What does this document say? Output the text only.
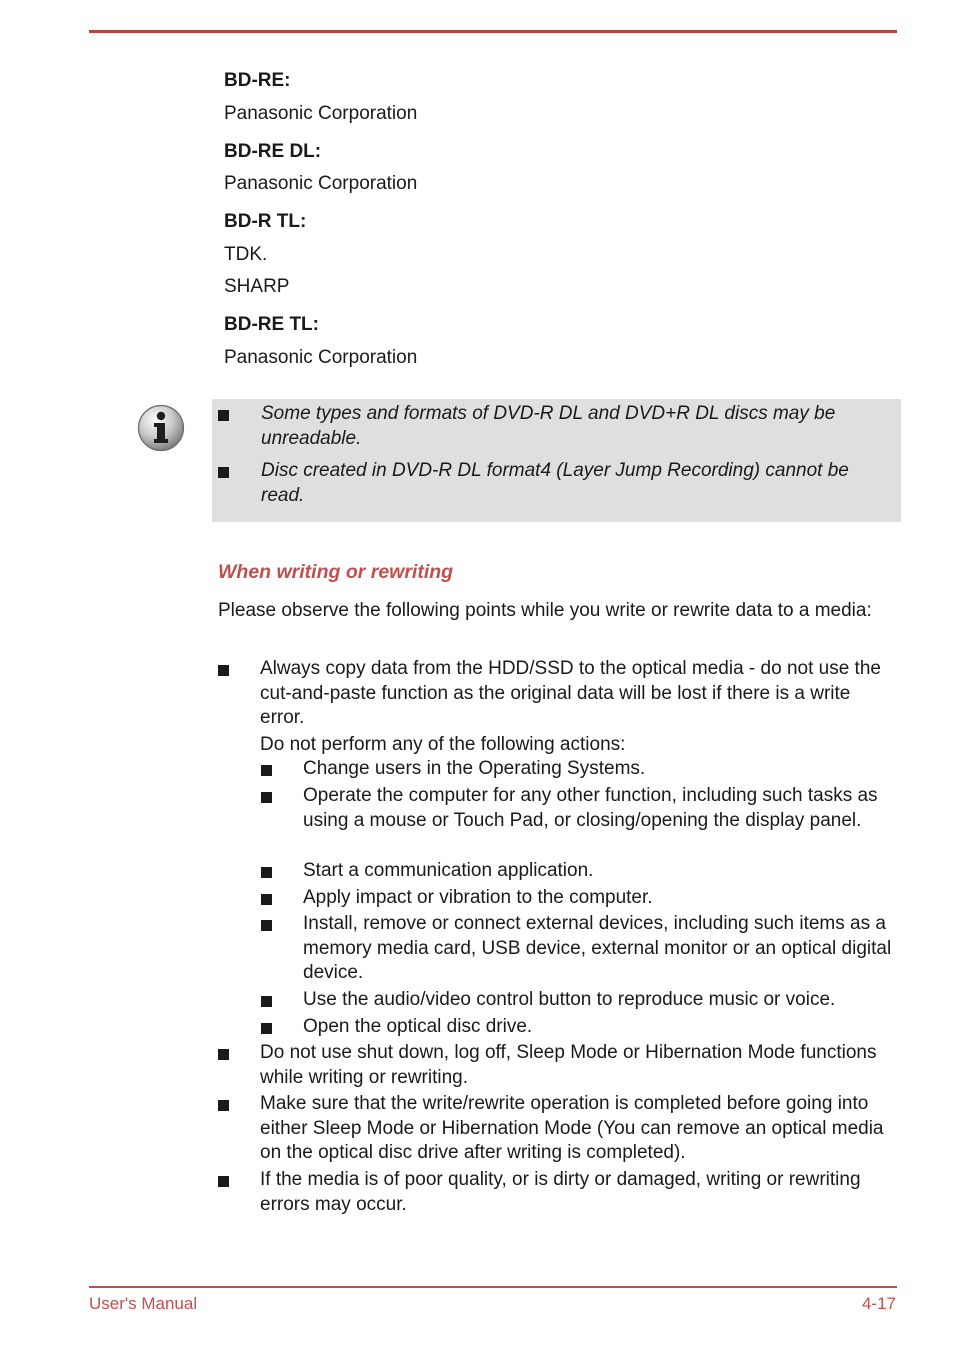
BD-RE:
Panasonic Corporation
BD-RE DL:
Panasonic Corporation
BD-R TL:
TDK.
SHARP
BD-RE TL:
Panasonic Corporation
Some types and formats of DVD-R DL and DVD+R DL discs may be unreadable.
Disc created in DVD-R DL format4 (Layer Jump Recording) cannot be read.
When writing or rewriting
Please observe the following points while you write or rewrite data to a media:
Always copy data from the HDD/SSD to the optical media - do not use the cut-and-paste function as the original data will be lost if there is a write error.
Do not perform any of the following actions:
Change users in the Operating Systems.
Operate the computer for any other function, including such tasks as using a mouse or Touch Pad, or closing/opening the display panel.
Start a communication application.
Apply impact or vibration to the computer.
Install, remove or connect external devices, including such items as a memory media card, USB device, external monitor or an optical digital device.
Use the audio/video control button to reproduce music or voice.
Open the optical disc drive.
Do not use shut down, log off, Sleep Mode or Hibernation Mode functions while writing or rewriting.
Make sure that the write/rewrite operation is completed before going into either Sleep Mode or Hibernation Mode (You can remove an optical media on the optical disc drive after writing is completed).
If the media is of poor quality, or is dirty or damaged, writing or rewriting errors may occur.
User's Manual	4-17
